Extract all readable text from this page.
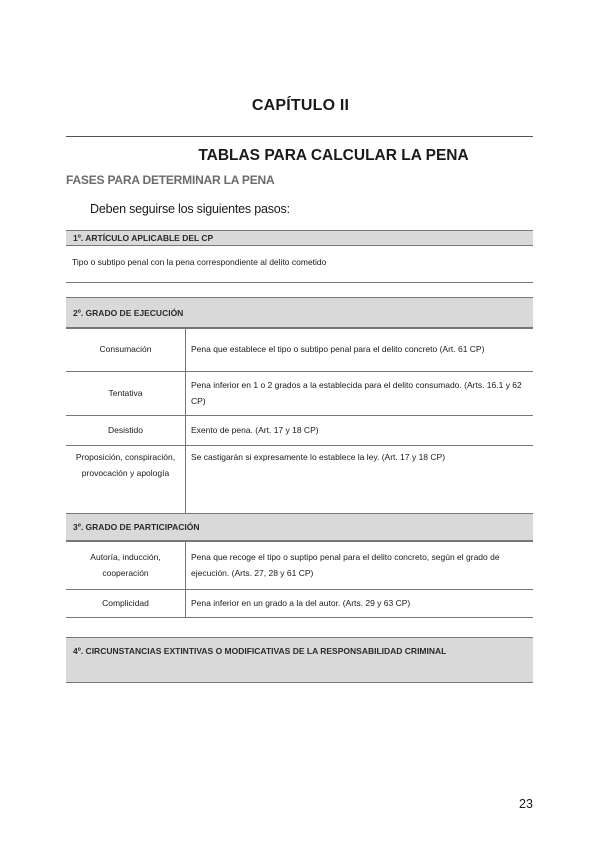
CAPÍTULO II
TABLAS PARA CALCULAR LA PENA
FASES PARA DETERMINAR LA PENA
Deben seguirse los siguientes pasos:
1º. ARTÍCULO APLICABLE DEL CP
Tipo o subtipo penal con la pena correspondiente al delito cometido
2º. GRADO DE EJECUCIÓN
Consumación	Pena que establece el tipo o subtipo penal para el delito concreto (Art. 61 CP)
Tentativa	Pena inferior en 1 o 2 grados a la establecida para el delito consumado. (Arts. 16.1 y 62 CP)
Desistido	Exento de pena. (Art. 17 y 18 CP)
Proposición, conspiración, provocación y apología	Se castigarán si expresamente lo establece la ley. (Art. 17 y 18 CP)
3º. GRADO DE PARTICIPACIÓN
Autoría, inducción, cooperación	Pena que recoge el tipo o suptipo penal para el delito concreto, según el grado de ejecución. (Arts. 27, 28 y 61 CP)
Complicidad	Pena inferior en un grado a la del autor. (Arts. 29 y 63 CP)
4º. CIRCUNSTANCIAS EXTINTIVAS O MODIFICATIVAS DE LA RESPONSABILIDAD CRIMINAL
23
